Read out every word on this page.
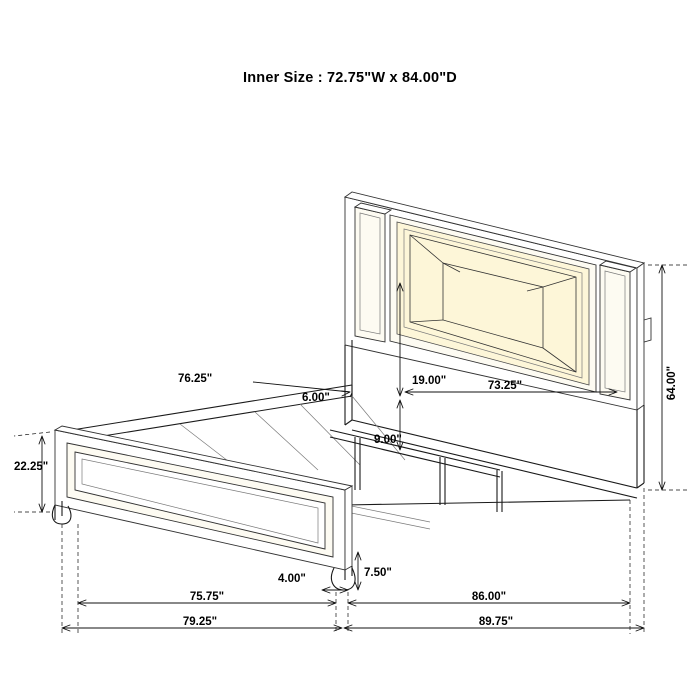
Inner Size : 72.75"W x 84.00"D
64.00"
73.25"
19.00"
9.00"
76.25"
6.00"
22.25"
7.50"
4.00"
75.75"	86.00"
79.25"	89.75"
